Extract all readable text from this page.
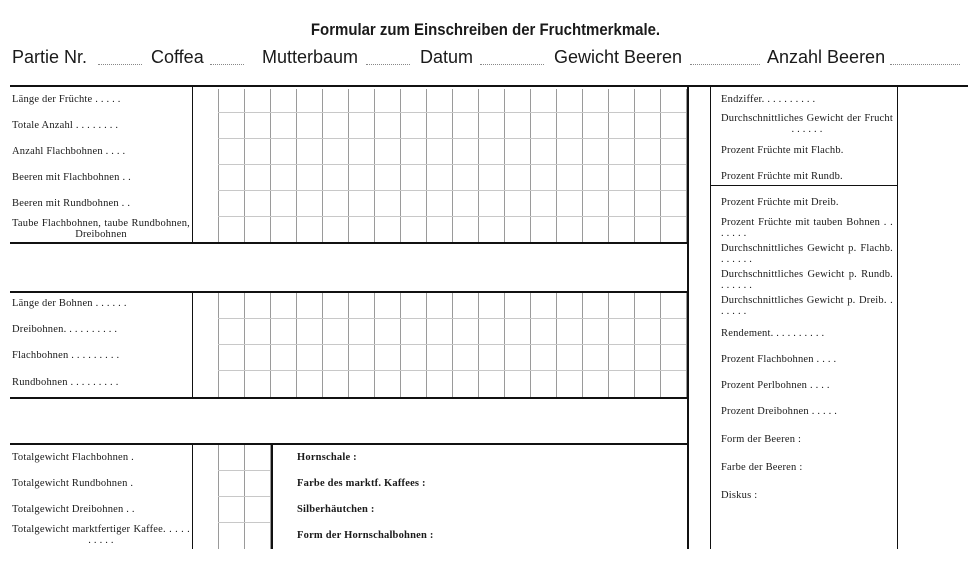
Formular zum Einschreiben der Fruchtmerkmale.
Partie Nr.	Coffea	Mutterbaum	Datum	Gewicht Beeren	Anzahl Beeren
Länge der Früchte . . . . .
Totale Anzahl . . . . . . . .
Anzahl Flachbohnen . . . .
Beeren mit Flachbohnen . .
Beeren mit Rundbohnen . .
Taube Flachbohnen, taube Rundbohnen, Dreibohnen
Länge der Bohnen . . . . . .
Dreibohnen. . . . . . . . . .
Flachbohnen . . . . . . . . .
Rundbohnen . . . . . . . . .
Totalgewicht Flachbohnen .
Totalgewicht Rundbohnen .
Totalgewicht Dreibohnen . .
Totalgewicht marktfertiger Kaffee. . . . . . . . . .
Hornschale :
Farbe des marktf. Kaffees :
Silberhäutchen :
Form der Hornschalbohnen :
Endziffer. . . . . . . . . .
Durchschnittliches Gewicht der Frucht . . . . . .
Prozent Früchte mit Flachb.
Prozent Früchte mit Rundb.
Prozent Früchte mit Dreib.
Prozent Früchte mit tauben Bohnen . . . . . . .
Durchschnittliches Gewicht p. Flachb. . . . . . .
Durchschnittliches Gewicht p. Rundb. . . . . . .
Durchschnittliches Gewicht p. Dreib. . . . . . .
Rendement. . . . . . . . . .
Prozent Flachbohnen . . . .
Prozent Perlbohnen . . . .
Prozent Dreibohnen . . . . .
Form der Beeren :
Farbe der Beeren :
Diskus :
